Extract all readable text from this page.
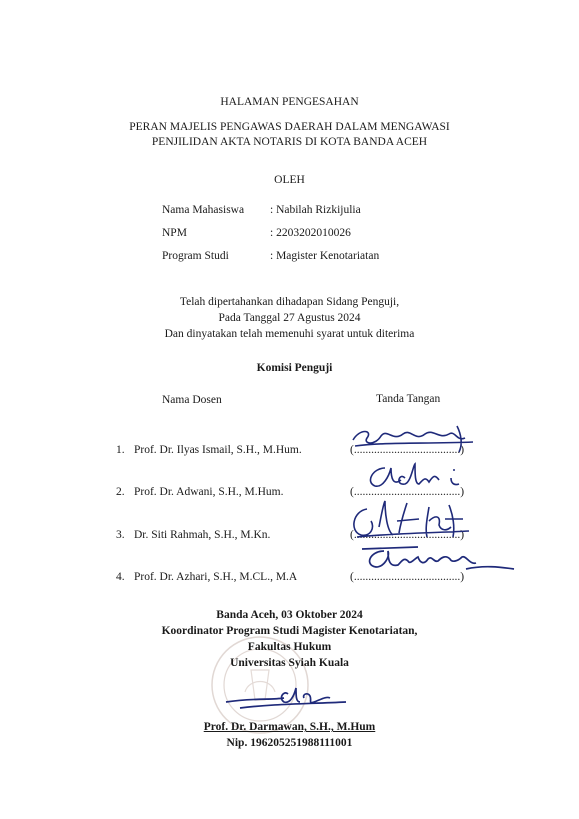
HALAMAN PENGESAHAN
PERAN MAJELIS PENGAWAS DAERAH DALAM MENGAWASI
PENJILIDAN AKTA NOTARIS DI KOTA BANDA ACEH
OLEH
Nama Mahasiswa : Nabilah Rizkijulia
NPM	: 2203202010026
Program Studi	: Magister Kenotariatan
Telah dipertahankan dihadapan Sidang Penguji,
Pada Tanggal 27 Agustus 2024
Dan dinyatakan telah memenuhi syarat untuk diterima
Komisi Penguji
Nama Dosen	Tanda Tangan
1. Prof. Dr. Ilyas Ismail, S.H., M.Hum.	(.....................................)
2. Prof. Dr. Adwani, S.H., M.Hum.	(.....................................)
3. Dr. Siti Rahmah, S.H., M.Kn.	(.....................................)
4. Prof. Dr. Azhari, S.H., M.CL., M.A	(.....................................)
Banda Aceh, 03 Oktober 2024
Koordinator Program Studi Magister Kenotariatan,
Fakultas Hukum
Universitas Syiah Kuala
Prof. Dr. Darmawan, S.H., M.Hum
Nip. 196205251988111001
